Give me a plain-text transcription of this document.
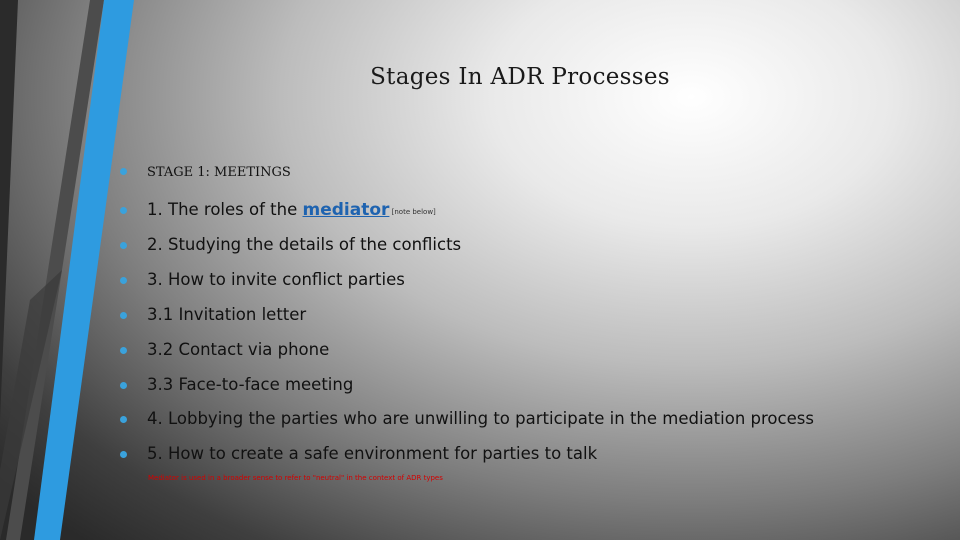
Stages In ADR Processes
STAGE 1: MEETINGS
1. The roles of the mediator [note below]
2. Studying the details of the conflicts
3. How to invite conflict parties
3.1 Invitation letter
3.2 Contact via phone
3.3 Face-to-face meeting
4. Lobbying the parties who are unwilling to participate in the mediation process
5. How to create a safe environment for parties to talk
Mediator is used in a broader sense to refer to "neutral" in the context of ADR types
